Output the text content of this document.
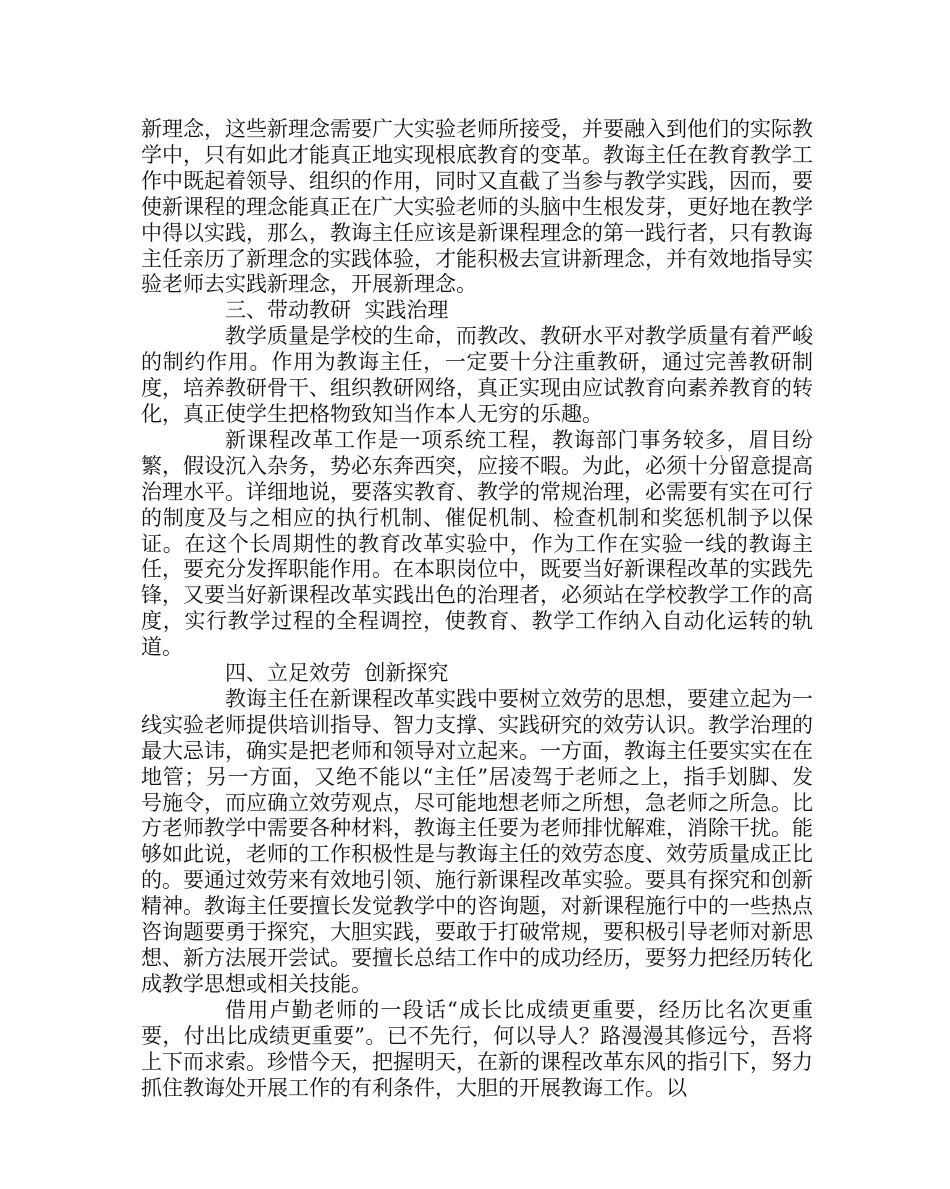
新理念，这些新理念需要广大实验老师所接受，并要融入到他们的实际教学中，只有如此才能真正地实现根底教育的变革。教诲主任在教育教学工作中既起着领导、组织的作用，同时又直截了当参与教学实践，因而，要使新课程的理念能真正在广大实验老师的头脑中生根发芽，更好地在教学中得以实践，那么，教诲主任应该是新课程理念的第一践行者，只有教诲主任亲历了新理念的实践体验，才能积极去宣讲新理念，并有效地指导实验老师去实践新理念，开展新理念。

三、带动教研  实践治理

教学质量是学校的生命，而教改、教研水平对教学质量有着严峻的制约作用。作用为教诲主任，一定要十分注重教研，通过完善教研制度，培养教研骨干、组织教研网络，真正实现由应试教育向素养教育的转化，真正使学生把格物致知当作本人无穷的乐趣。

新课程改革工作是一项系统工程，教诲部门事务较多，眉目纷繁，假设沉入杂务，势必东奔西突，应接不暇。为此，必须十分留意提高治理水平。详细地说，要落实教育、教学的常规治理，必需要有实在可行的制度及与之相应的执行机制、催促机制、检查机制和奖惩机制予以保证。在这个长周期性的教育改革实验中，作为工作在实验一线的教诲主任，要充分发挥职能作用。在本职岗位中，既要当好新课程改革的实践先锋，又要当好新课程改革实践出色的治理者，必须站在学校教学工作的高度，实行教学过程的全程调控，使教育、教学工作纳入自动化运转的轨道。

四、立足效劳  创新探究

教诲主任在新课程改革实践中要树立效劳的思想，要建立起为一线实验老师提供培训指导、智力支撑、实践研究的效劳认识。教学治理的最大忌讳，确实是把老师和领导对立起来。一方面，教诲主任要实实在在地管；另一方面，又绝不能以“主任”居凌驾于老师之上，指手划脚、发号施令，而应确立效劳观点，尽可能地想老师之所想，急老师之所急。比方老师教学中需要各种材料，教诲主任要为老师排忧解难，消除干扰。能够如此说，老师的工作积极性是与教诲主任的效劳态度、效劳质量成正比的。要通过效劳来有效地引领、施行新课程改革实验。要具有探究和创新精神。教诲主任要擅长发觉教学中的咨询题，对新课程施行中的一些热点咨询题要勇于探究，大胆实践，要敢于打破常规，要积极引导老师对新思想、新方法展开尝试。要擅长总结工作中的成功经历，要努力把经历转化成教学思想或相关技能。

借用卢勤老师的一段话“成长比成绩更重要，经历比名次更重要，付出比成绩更重要”。已不先行，何以导人？路漫漫其修远兮，吾将上下而求索。珍惜今天，把握明天，在新的课程改革东风的指引下，努力抓住教诲处开展工作的有利条件，大胆的开展教诲工作。以
